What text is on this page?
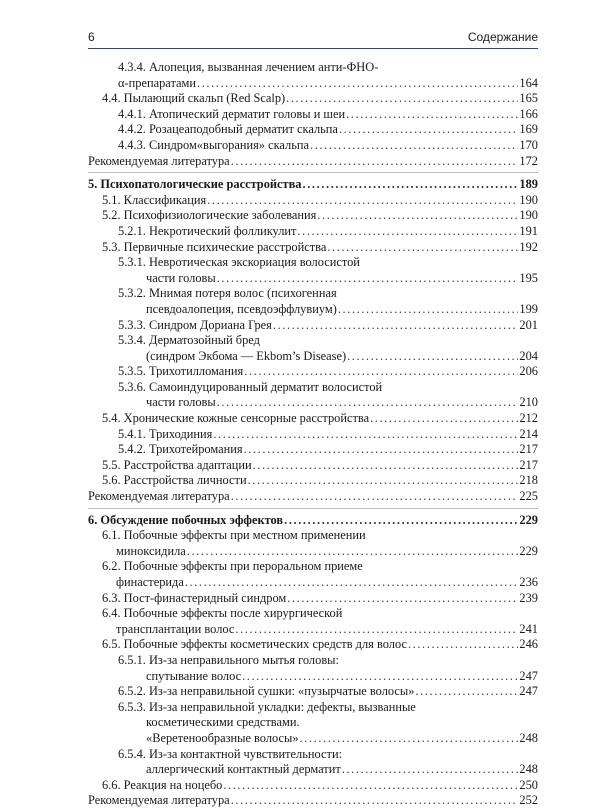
6	Содержание
4.3.4. Алопеция, вызванная лечением анти-ФНО-
α-препаратами .....	164
4.4. Пылающий скальп (Red Scalp) .....	165
4.4.1. Атопический дерматит головы и шеи .....	166
4.4.2. Розацеаподобный дерматит скальпа .....	169
4.4.3. Синдром«выгорания» скальпа .....	170
Рекомендуемая литература .....	172
5. Психопатологические расстройства .....	189
5.1. Классификация .....	190
5.2. Психофизиологические заболевания .....	190
5.2.1. Некротический фолликулит .....	191
5.3. Первичные психические расстройства .....	192
5.3.1. Невротическая экскориация волосистой
части головы .....	195
5.3.2. Мнимая потеря волос (психогенная
псевдоалопеция, псевдоэффлувиум) .....	199
5.3.3. Синдром Дориана Грея .....	201
5.3.4. Дерматозойный бред
(синдром Экбома — Ekbom’s Disease) .....	204
5.3.5. Трихотилломания .....	206
5.3.6. Самоиндуцированный дерматит волосистой
части головы .....	210
5.4. Хронические кожные сенсорные расстройства .....	212
5.4.1. Триходиния .....	214
5.4.2. Трихотейромания .....	217
5.5. Расстройства адаптации .....	217
5.6. Расстройства личности .....	218
Рекомендуемая литература .....	225
6. Обсуждение побочных эффектов .....	229
6.1. Побочные эффекты при местном применении
миноксидила .....	229
6.2. Побочные эффекты при пероральном приеме
финастерида .....	236
6.3. Пост-финастеридный синдром .....	239
6.4. Побочные эффекты после хирургической
трансплантации волос .....	241
6.5. Побочные эффекты косметических средств для волос .....	246
6.5.1. Из-за неправильного мытья головы:
спутывание волос .....	247
6.5.2. Из-за неправильной сушки: «пузырчатые волосы» .....	247
6.5.3. Из-за неправильной укладки: дефекты, вызванные
косметическими средствами.
«Веретенообразные волосы» .....	248
6.5.4. Из-за контактной чувствительности:
аллергический контактный дерматит .....	248
6.6. Реакция на ноцебо .....	250
Рекомендуемая литература .....	252
